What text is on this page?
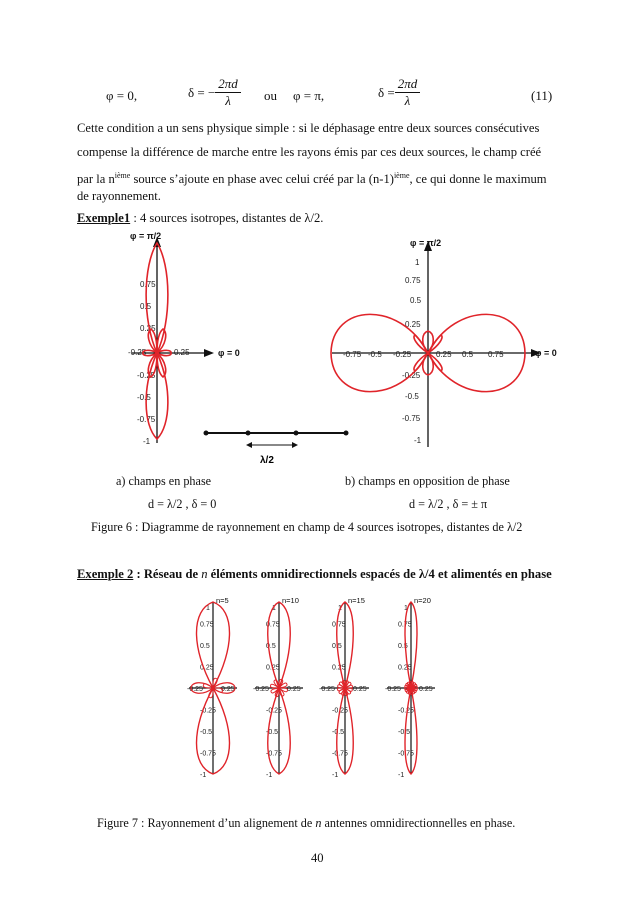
φ = 0,	δ = − $\frac{2\pi d}{\lambda}$ ou φ = π,	$\delta = \frac{2\pi d}{\lambda}$	(11)
Cette condition a un sens physique simple : si le déphasage entre deux sources consécutives
compense la différence de marche entre les rayons émis par ces deux sources, le champ créé
par la $n^{ième}$ source s’ajoute en phase avec celui créé par la $(n-1)^{ième}$, ce qui donne le maximum
de rayonnement.
Exemple1 : 4 sources isotropes, distantes de λ/2.
φ = π/2
φ = 0
0.75
0.5
0.25
-0.25
-0.5
-0.75
-1
-0.25	0.25
λ/2
φ = π/2
φ = 0
1
0.75
0.5
0.25
-0.25
-0.5
-0.75
-1
-0.75 -0.5 -0.25	0.25 0.5 0.75
a) champs en phase
d = λ/2 , δ = 0
b) champs en opposition de phase
d = λ/2 , δ = ± π
Figure 6 : Diagramme de rayonnement en champ de 4 sources isotropes, distantes de λ/2
Exemple 2 : Réseau de n éléments omnidirectionnels espacés de λ/4 et alimentés en phase
n=5
1
0.75
0.5
0.25
-0.25
-0.5
-0.75
-1
-0.25	0.25
n=10
1
0.75
0.5
0.25
-0.25
-0.5
-0.75
-1
-0.25	0.25
n=15
1
0.75
0.5
0.25
-0.25
-0.5
-0.75
-1
-0.25	0.25
n=20
1
0.75
0.5
0.25
-0.25
-0.5
-0.75
-1
-0.25	0.25
Figure 7 : Rayonnement d’un alignement de n antennes omnidirectionnelles en phase.
40
